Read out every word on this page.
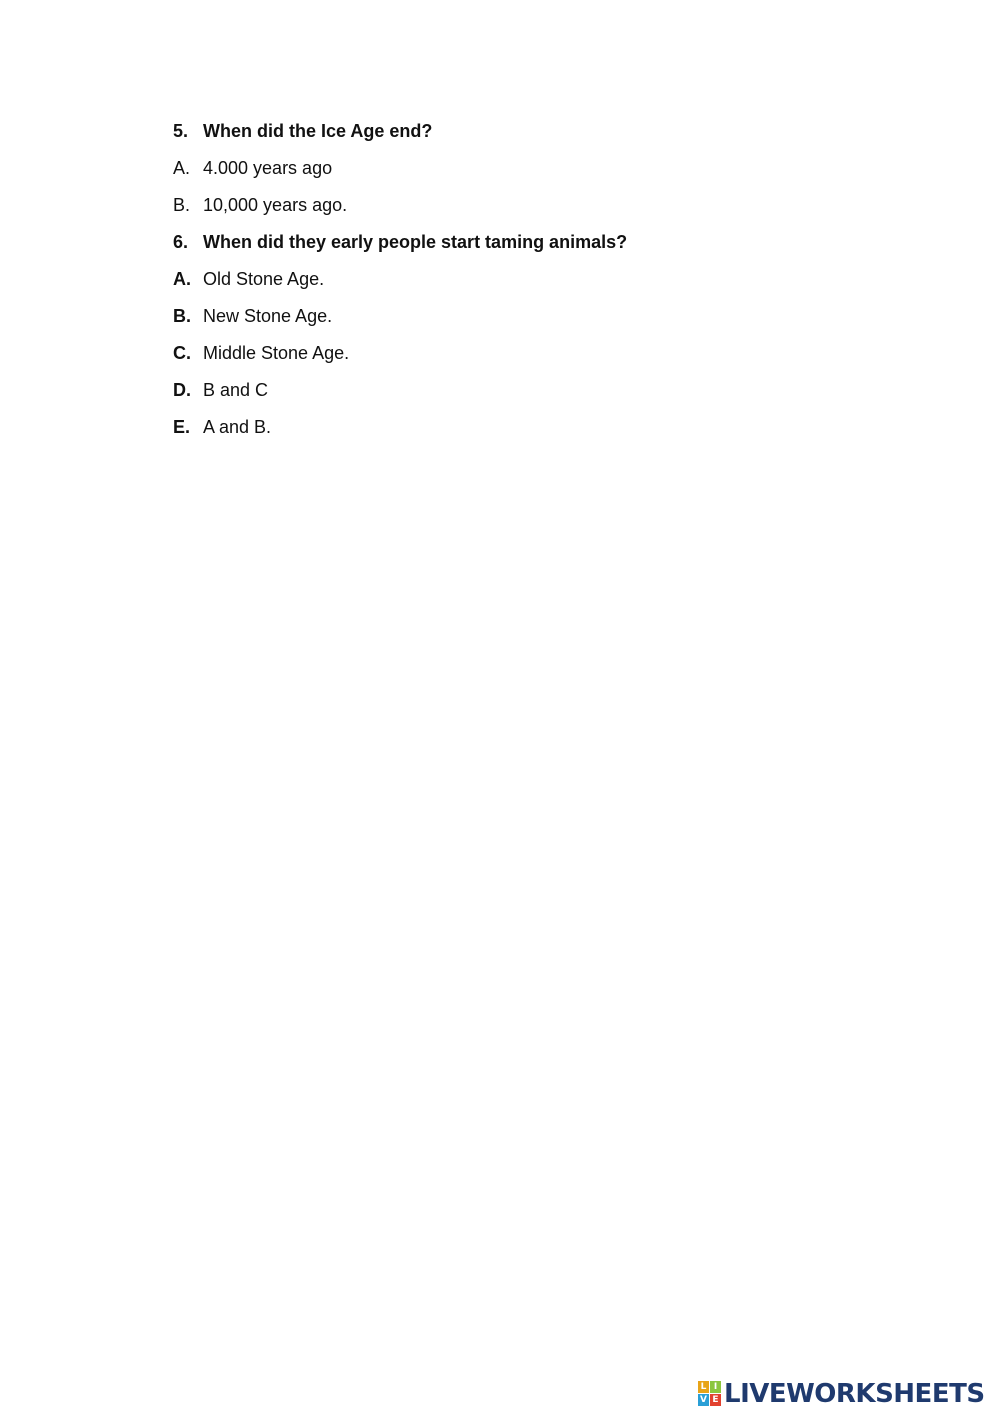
5. When did the Ice Age end?
A. 4.000 years ago
B. 10,000 years ago.
6. When did they early people start taming animals?
A. Old Stone Age.
B. New Stone Age.
C. Middle Stone Age.
D. B and C
E. A and B.
L I
V E LIVEWORKSHEETS
